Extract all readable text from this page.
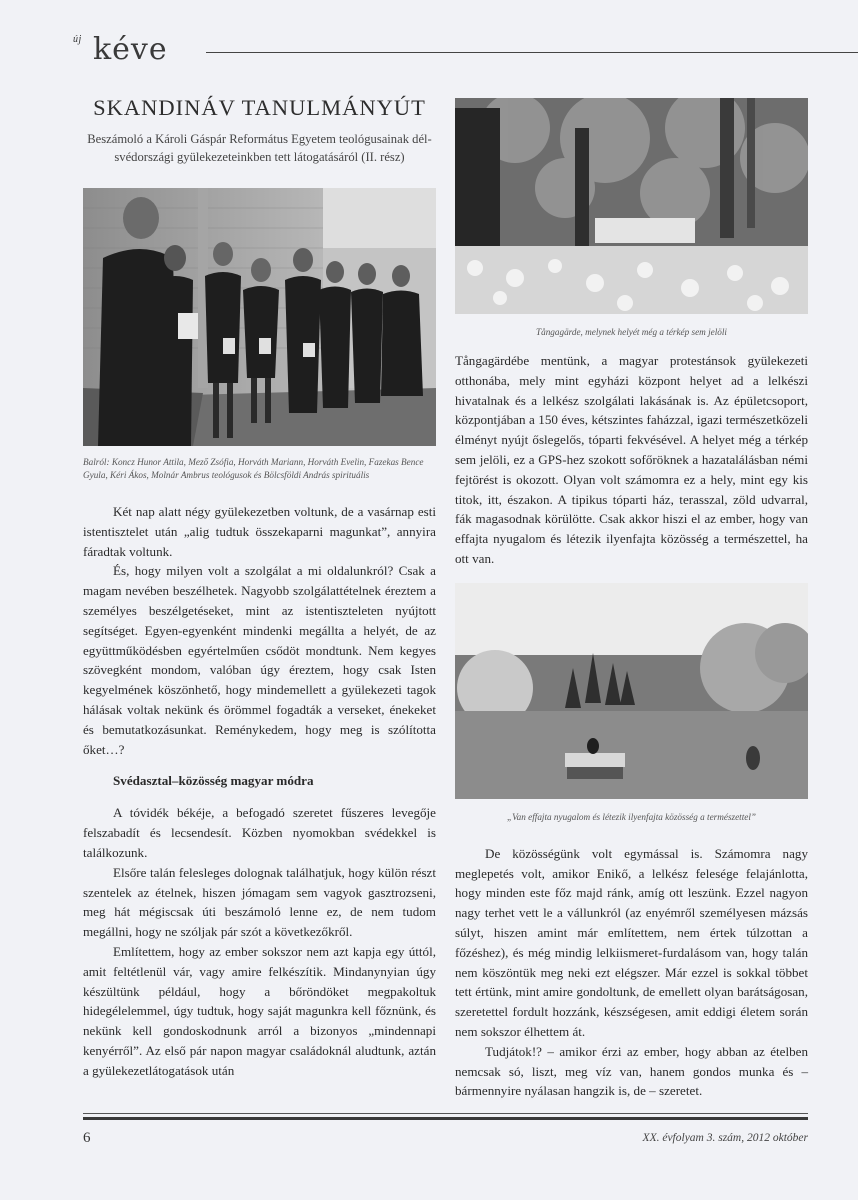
új kéve
SKANDINÁV TANULMÁNYÚT

Beszámoló a Károli Gáspár Református Egyetem teológusainak dél-svédországi gyülekezeteinkben tett látogatásáról (II. rész)

Balról: Koncz Hunor Attila, Mező Zsófia, Horváth Mariann, Horváth Evelin, Fazekas Bence Gyula, Kéri Ákos, Molnár Ambrus teológusok és Bölcsföldi András spirituális

Két nap alatt négy gyülekezetben voltunk, de a vasárnap esti istentisztelet után „alig tudtuk összekaparni magunkat”, annyira fáradtak voltunk.

És, hogy milyen volt a szolgálat a mi oldalunkról? Csak a magam nevében beszélhetek. Nagyobb szolgálattételnek éreztem a személyes beszélgetéseket, mint az istentiszteleten nyújtott segítséget. Egyen-egyenként mindenki megállta a helyét, de az együttműködésben egyértelműen csődöt mondtunk. Nem kegyes szövegként mondom, valóban úgy éreztem, hogy csak Isten kegyelmének köszönhető, hogy mindemellett a gyülekezeti tagok hálásak voltak nekünk és örömmel fogadták a verseket, énekeket és bemutatkozásunkat. Reménykedem, hogy meg is szólította őket…?

Svédasztal–közösség magyar módra

A tóvidék békéje, a befogadó szeretet fűszeres levegője felszabadít és lecsendesít. Közben nyomokban svédekkel is találkozunk.

Elsőre talán felesleges dolognak találhatjuk, hogy külön részt szentelek az ételnek, hiszen jómagam sem vagyok gasztrozseni, meg hát mégiscsak úti beszámoló lenne ez, de nem tudom megállni, hogy ne szóljak pár szót a következőkről.

Említettem, hogy az ember sokszor nem azt kapja egy úttól, amit feltétlenül vár, vagy amire felkészítik. Mindanynyian úgy készültünk például, hogy a bőröndöket megpakoltuk hidegélelemmel, úgy tudtuk, hogy saját magunkra kell főznünk, és nekünk kell gondoskodnunk arról a bizonyos „mindennapi kenyérről”. Az első pár napon magyar családoknál aludtunk, aztán a gyülekezetlátogatások után

Tångagärde, melynek helyét még a térkép sem jelöli

Tångagärdébe mentünk, a magyar protestánsok gyülekezeti otthonába, mely mint egyházi központ helyet ad a lelkészi hivatalnak és a lelkész szolgálati lakásának is. Az épületcsoport, központjában a 150 éves, kétszintes faházzal, igazi természetközeli élményt nyújt őslegelős, tóparti fekvésével. A helyet még a térkép sem jelöli, ez a GPS-hez szokott sofőröknek a hazatalálásban némi fejtörést is okozott. Olyan volt számomra ez a hely, mint egy kis titok, itt, északon. A tipikus tóparti ház, terasszal, zöld udvarral, fák magasodnak körülötte. Csak akkor hiszi el az ember, hogy van effajta nyugalom és létezik ilyenfajta közösség a természettel, ha ott van.

„Van effajta nyugalom és létezik ilyenfajta közösség a természettel”

De közösségünk volt egymással is. Számomra nagy meglepetés volt, amikor Enikő, a lelkész felesége felajánlotta, hogy minden este főz majd ránk, amíg ott leszünk. Ezzel nagyon nagy terhet vett le a vállunkról (az enyémről személyesen mázsás súlyt, hiszen amint már említettem, nem értek túlzottan a főzéshez), és még mindig lelkiismeret-furdalásom van, hogy talán nem köszöntük meg neki ezt elégszer. Már ezzel is sokkal többet tett értünk, mint amire gondoltunk, de emellett olyan barátságosan, szeretettel fordult hozzánk, készségesen, amit eddigi életem során nem sokszor élhettem át.

Tudjátok!? – amikor érzi az ember, hogy abban az ételben nemcsak só, liszt, meg víz van, hanem gondos munka és – bármennyire nyálasan hangzik is, de – szeretet.

6	XX. évfolyam 3. szám, 2012 október
